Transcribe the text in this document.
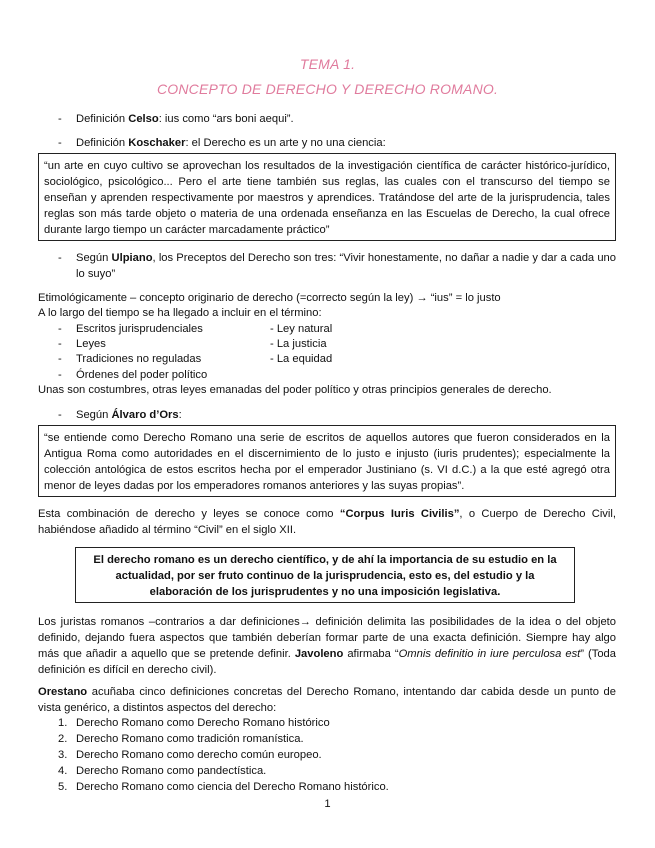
TEMA 1.
CONCEPTO DE DERECHO Y DERECHO ROMANO.
- Definición Celso: ius como “ars boni aequi”.
- Definición Koschaker: el Derecho es un arte y no una ciencia:
“un arte en cuyo cultivo se aprovechan los resultados de la investigación científica de carácter histórico-jurídico, sociológico, psicológico... Pero el arte tiene también sus reglas, las cuales con el transcurso del tiempo se enseñan y aprenden respectivamente por maestros y aprendices. Tratándose del arte de la jurisprudencia, tales reglas son más tarde objeto o materia de una ordenada enseñanza en las Escuelas de Derecho, la cual ofrece durante largo tiempo un carácter marcadamente práctico”
- Según Ulpiano, los Preceptos del Derecho son tres: “Vivir honestamente, no dañar a nadie y dar a cada uno lo suyo”
Etimológicamente – concepto originario de derecho (=correcto según la ley) → “ius” = lo justo
A lo largo del tiempo se ha llegado a incluir en el término:
- Escritos jurisprudenciales	- Ley natural
- Leyes	- La justicia
- Tradiciones no reguladas	- La equidad
- Órdenes del poder político
Unas son costumbres, otras leyes emanadas del poder político y otras principios generales de derecho.
- Según Álvaro d’Ors:
“se entiende como Derecho Romano una serie de escritos de aquellos autores que fueron considerados en la Antigua Roma como autoridades en el discernimiento de lo justo e injusto (iuris prudentes); especialmente la colección antológica de estos escritos hecha por el emperador Justiniano (s. VI d.C.) a la que esté agregó otra menor de leyes dadas por los emperadores romanos anteriores y las suyas propias”.
Esta combinación de derecho y leyes se conoce como “Corpus Iuris Civilis”, o Cuerpo de Derecho Civil, habiéndose añadido al término “Civil” en el siglo XII.
El derecho romano es un derecho científico, y de ahí la importancia de su estudio en la actualidad, por ser fruto continuo de la jurisprudencia, esto es, del estudio y la elaboración de los jurisprudentes y no una imposición legislativa.
Los juristas romanos –contrarios a dar definiciones→ definición delimita las posibilidades de la idea o del objeto definido, dejando fuera aspectos que también deberían formar parte de una exacta definición. Siempre hay algo más que añadir a aquello que se pretende definir. Javoleno afirmaba “Omnis definitio in iure perculosa est” (Toda definición es difícil en derecho civil).
Orestano acuñaba cinco definiciones concretas del Derecho Romano, intentando dar cabida desde un punto de vista genérico, a distintos aspectos del derecho:
1. Derecho Romano como Derecho Romano histórico
2. Derecho Romano como tradición romanística.
3. Derecho Romano como derecho común europeo.
4. Derecho Romano como pandectística.
5. Derecho Romano como ciencia del Derecho Romano histórico.
1
